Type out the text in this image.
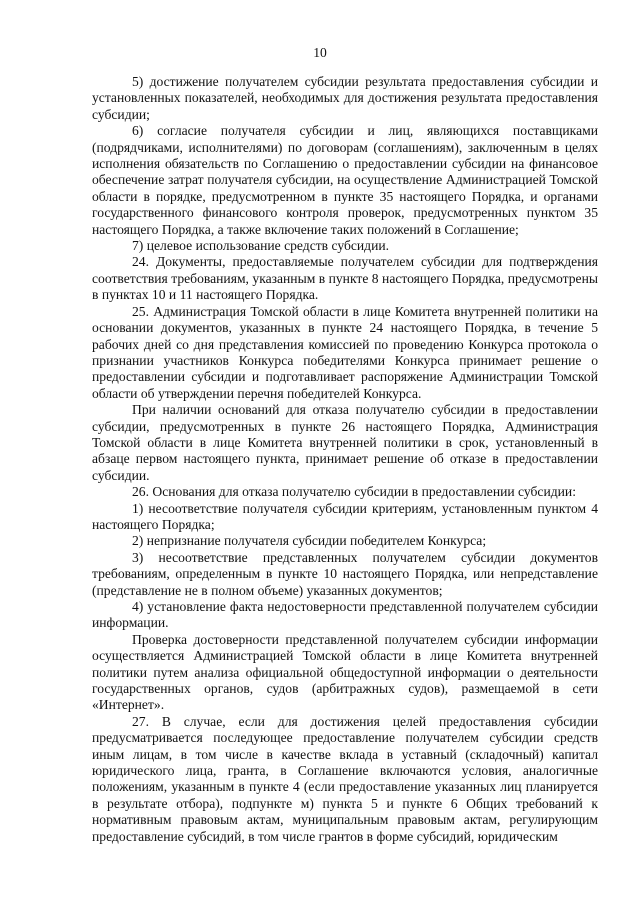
10

5) достижение получателем субсидии результата предоставления субсидии и установленных показателей, необходимых для достижения результата предоставления субсидии;

6) согласие получателя субсидии и лиц, являющихся поставщиками (подрядчиками, исполнителями) по договорам (соглашениям), заключенным в целях исполнения обязательств по Соглашению о предоставлении субсидии на финансовое обеспечение затрат получателя субсидии, на осуществление Администрацией Томской области в порядке, предусмотренном в пункте 35 настоящего Порядка, и органами государственного финансового контроля проверок, предусмотренных пунктом 35 настоящего Порядка, а также включение таких положений в Соглашение;

7) целевое использование средств субсидии.

24. Документы, предоставляемые получателем субсидии для подтверждения соответствия требованиям, указанным в пункте 8 настоящего Порядка, предусмотрены в пунктах 10 и 11 настоящего Порядка.

25. Администрация Томской области в лице Комитета внутренней политики на основании документов, указанных в пункте 24 настоящего Порядка, в течение 5 рабочих дней со дня представления комиссией по проведению Конкурса протокола о признании участников Конкурса победителями Конкурса принимает решение о предоставлении субсидии и подготавливает распоряжение Администрации Томской области об утверждении перечня победителей Конкурса.

При наличии оснований для отказа получателю субсидии в предоставлении субсидии, предусмотренных в пункте 26 настоящего Порядка, Администрация Томской области в лице Комитета внутренней политики в срок, установленный в абзаце первом настоящего пункта, принимает решение об отказе в предоставлении субсидии.

26. Основания для отказа получателю субсидии в предоставлении субсидии:

1) несоответствие получателя субсидии критериям, установленным пунктом 4 настоящего Порядка;

2) непризнание получателя субсидии победителем Конкурса;

3) несоответствие представленных получателем субсидии документов требованиям, определенным в пункте 10 настоящего Порядка, или непредставление (представление не в полном объеме) указанных документов;

4) установление факта недостоверности представленной получателем субсидии информации.

Проверка достоверности представленной получателем субсидии информации осуществляется Администрацией Томской области в лице Комитета внутренней политики путем анализа официальной общедоступной информации о деятельности государственных органов, судов (арбитражных судов), размещаемой в сети «Интернет».

27. В случае, если для достижения целей предоставления субсидии предусматривается последующее предоставление получателем субсидии средств иным лицам, в том числе в качестве вклада в уставный (складочный) капитал юридического лица, гранта, в Соглашение включаются условия, аналогичные положениям, указанным в пункте 4 (если предоставление указанных лиц планируется в результате отбора), подпункте м) пункта 5 и пункте 6 Общих требований к нормативным правовым актам, муниципальным правовым актам, регулирующим предоставление субсидий, в том числе грантов в форме субсидий, юридическим
